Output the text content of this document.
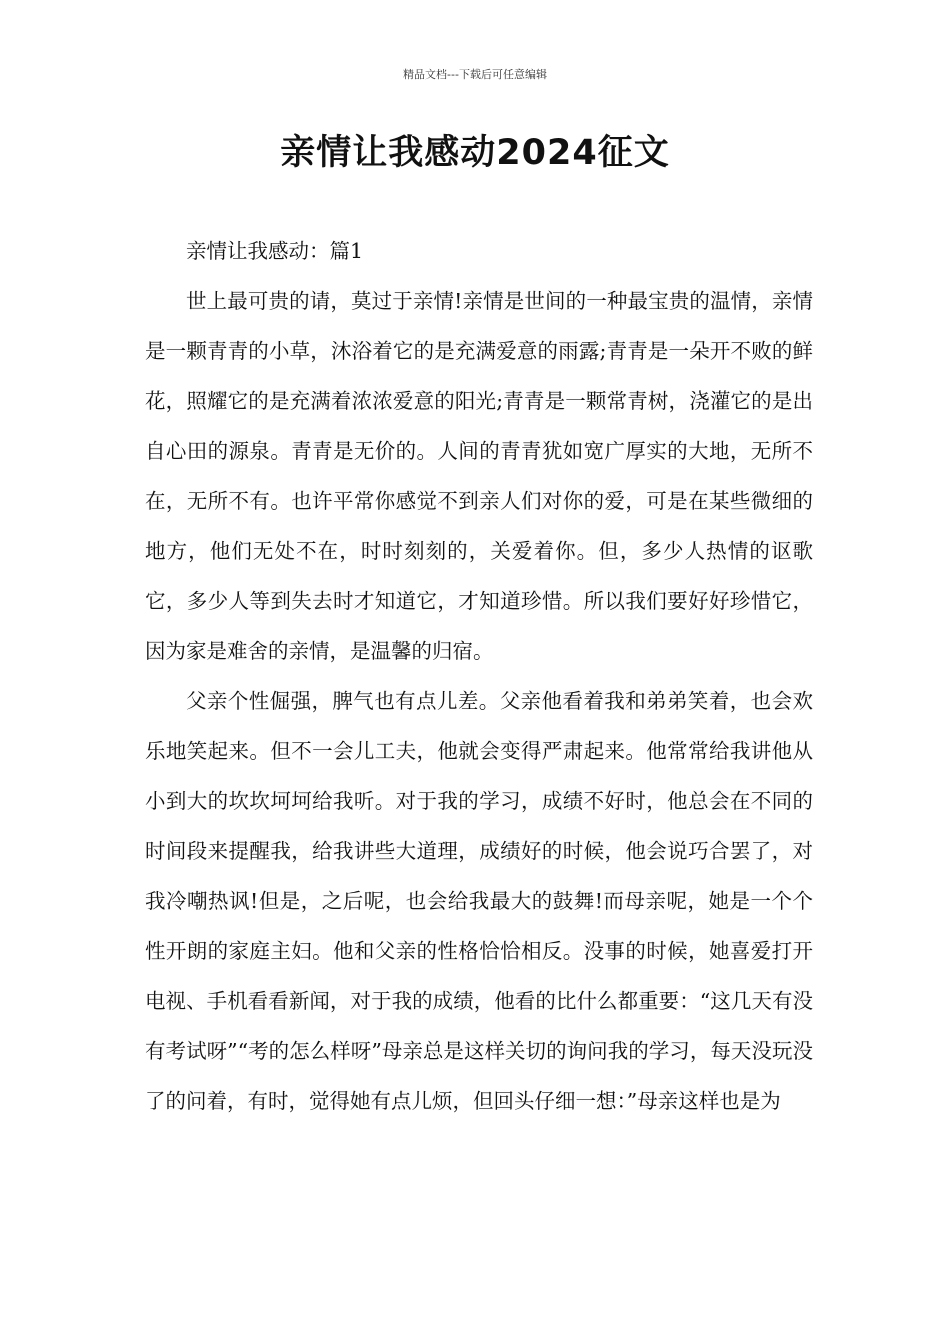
精品文档---下载后可任意编辑
亲情让我感动2024征文

亲情让我感动：篇1

世上最可贵的请，莫过于亲情!亲情是世间的一种最宝贵的温情，亲情是一颗青青的小草，沐浴着它的是充满爱意的雨露;青青是一朵开不败的鲜花，照耀它的是充满着浓浓爱意的阳光;青青是一颗常青树，浇灌它的是出自心田的源泉。青青是无价的。人间的青青犹如宽广厚实的大地，无所不在，无所不有。也许平常你感觉不到亲人们对你的爱，可是在某些微细的地方，他们无处不在，时时刻刻的，关爱着你。但，多少人热情的讴歌它，多少人等到失去时才知道它，才知道珍惜。所以我们要好好珍惜它，因为家是难舍的亲情，是温馨的归宿。

父亲个性倔强，脾气也有点儿差。父亲他看着我和弟弟笑着，也会欢乐地笑起来。但不一会儿工夫，他就会变得严肃起来。他常常给我讲他从小到大的坎坎坷坷给我听。对于我的学习，成绩不好时，他总会在不同的时间段来提醒我，给我讲些大道理，成绩好的时候，他会说巧合罢了，对我冷嘲热讽!但是，之后呢，也会给我最大的鼓舞!而母亲呢，她是一个个性开朗的家庭主妇。他和父亲的性格恰恰相反。没事的时候，她喜爱打开电视、手机看看新闻，对于我的成绩，他看的比什么都重要：“这几天有没有考试呀”“考的怎么样呀”母亲总是这样关切的询问我的学习，每天没玩没了的问着，有时，觉得她有点儿烦，但回头仔细一想：”母亲这样也是为
